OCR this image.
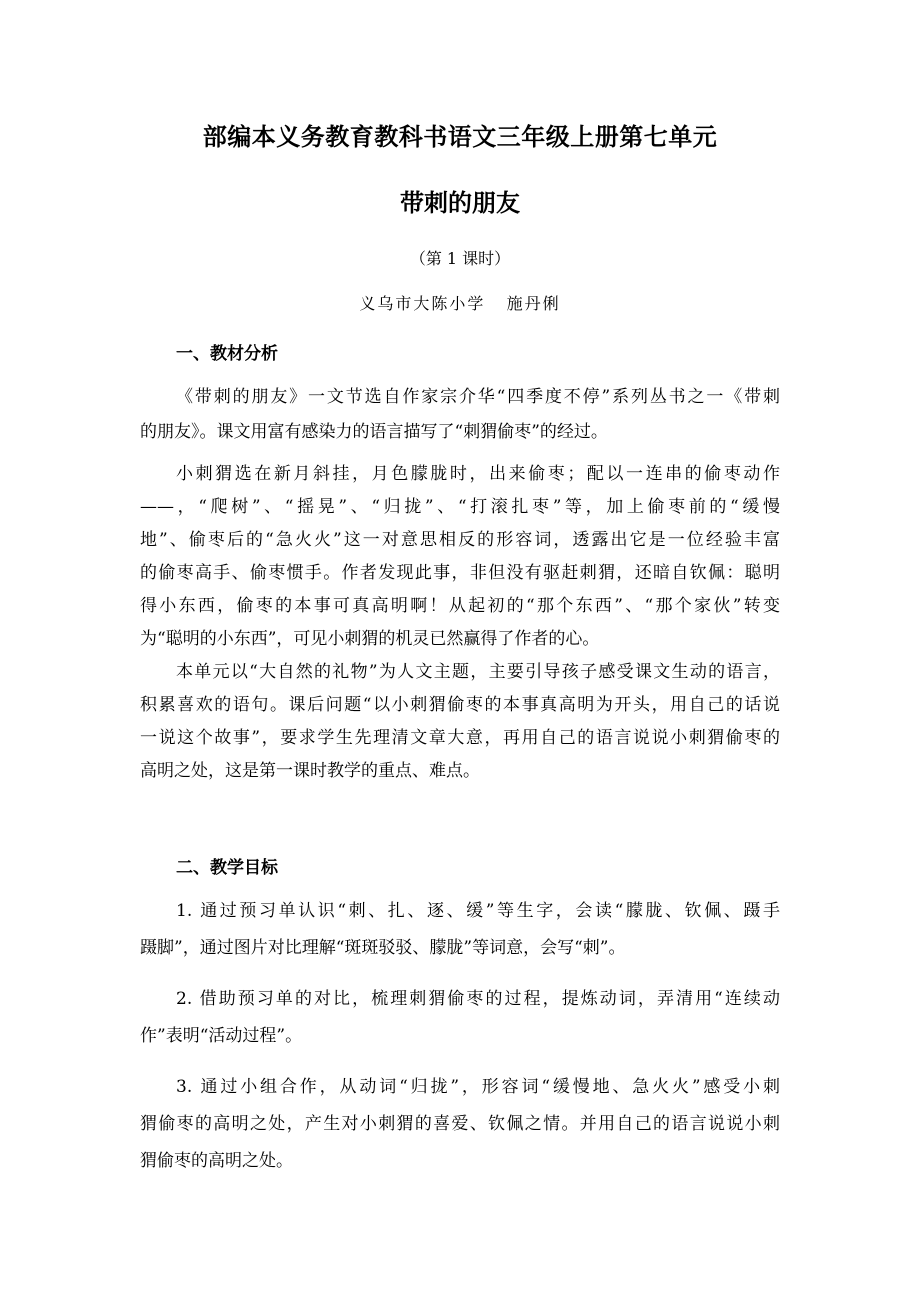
部编本义务教育教科书语文三年级上册第七单元
带刺的朋友
（第 1 课时）
义乌市大陈小学   施丹俐
一、教材分析
《带刺的朋友》一文节选自作家宗介华“四季度不停”系列丛书之一《带刺
的朋友》。课文用富有感染力的语言描写了“刺猬偷枣”的经过。
小刺猬选在新月斜挂，月色朦胧时，出来偷枣；配以一连串的偷枣动作
——，“爬树”、“摇晃”、“归拢”、“打滚扎枣”等，加上偷枣前的“缓慢
地”、偷枣后的“急火火”这一对意思相反的形容词，透露出它是一位经验丰富
的偷枣高手、偷枣惯手。作者发现此事，非但没有驱赶刺猬，还暗自钦佩：聪明
得小东西，偷枣的本事可真高明啊！从起初的“那个东西”、“那个家伙”转变
为“聪明的小东西”，可见小刺猬的机灵已然赢得了作者的心。
本单元以“大自然的礼物”为人文主题，主要引导孩子感受课文生动的语言，
积累喜欢的语句。课后问题“以小刺猬偷枣的本事真高明为开头，用自己的话说
一说这个故事”，要求学生先理清文章大意，再用自己的语言说说小刺猬偷枣的
高明之处，这是第一课时教学的重点、难点。
二、教学目标
1. 通过预习单认识“刺、扎、逐、缓”等生字，会读“朦胧、钦佩、蹑手
蹑脚”，通过图片对比理解“斑斑驳驳、朦胧”等词意，会写“刺”。
2. 借助预习单的对比，梳理刺猬偷枣的过程，提炼动词，弄清用“连续动
作”表明“活动过程”。
3. 通过小组合作，从动词“归拢”，形容词“缓慢地、急火火”感受小刺
猬偷枣的高明之处，产生对小刺猬的喜爱、钦佩之情。并用自己的语言说说小刺
猬偷枣的高明之处。
